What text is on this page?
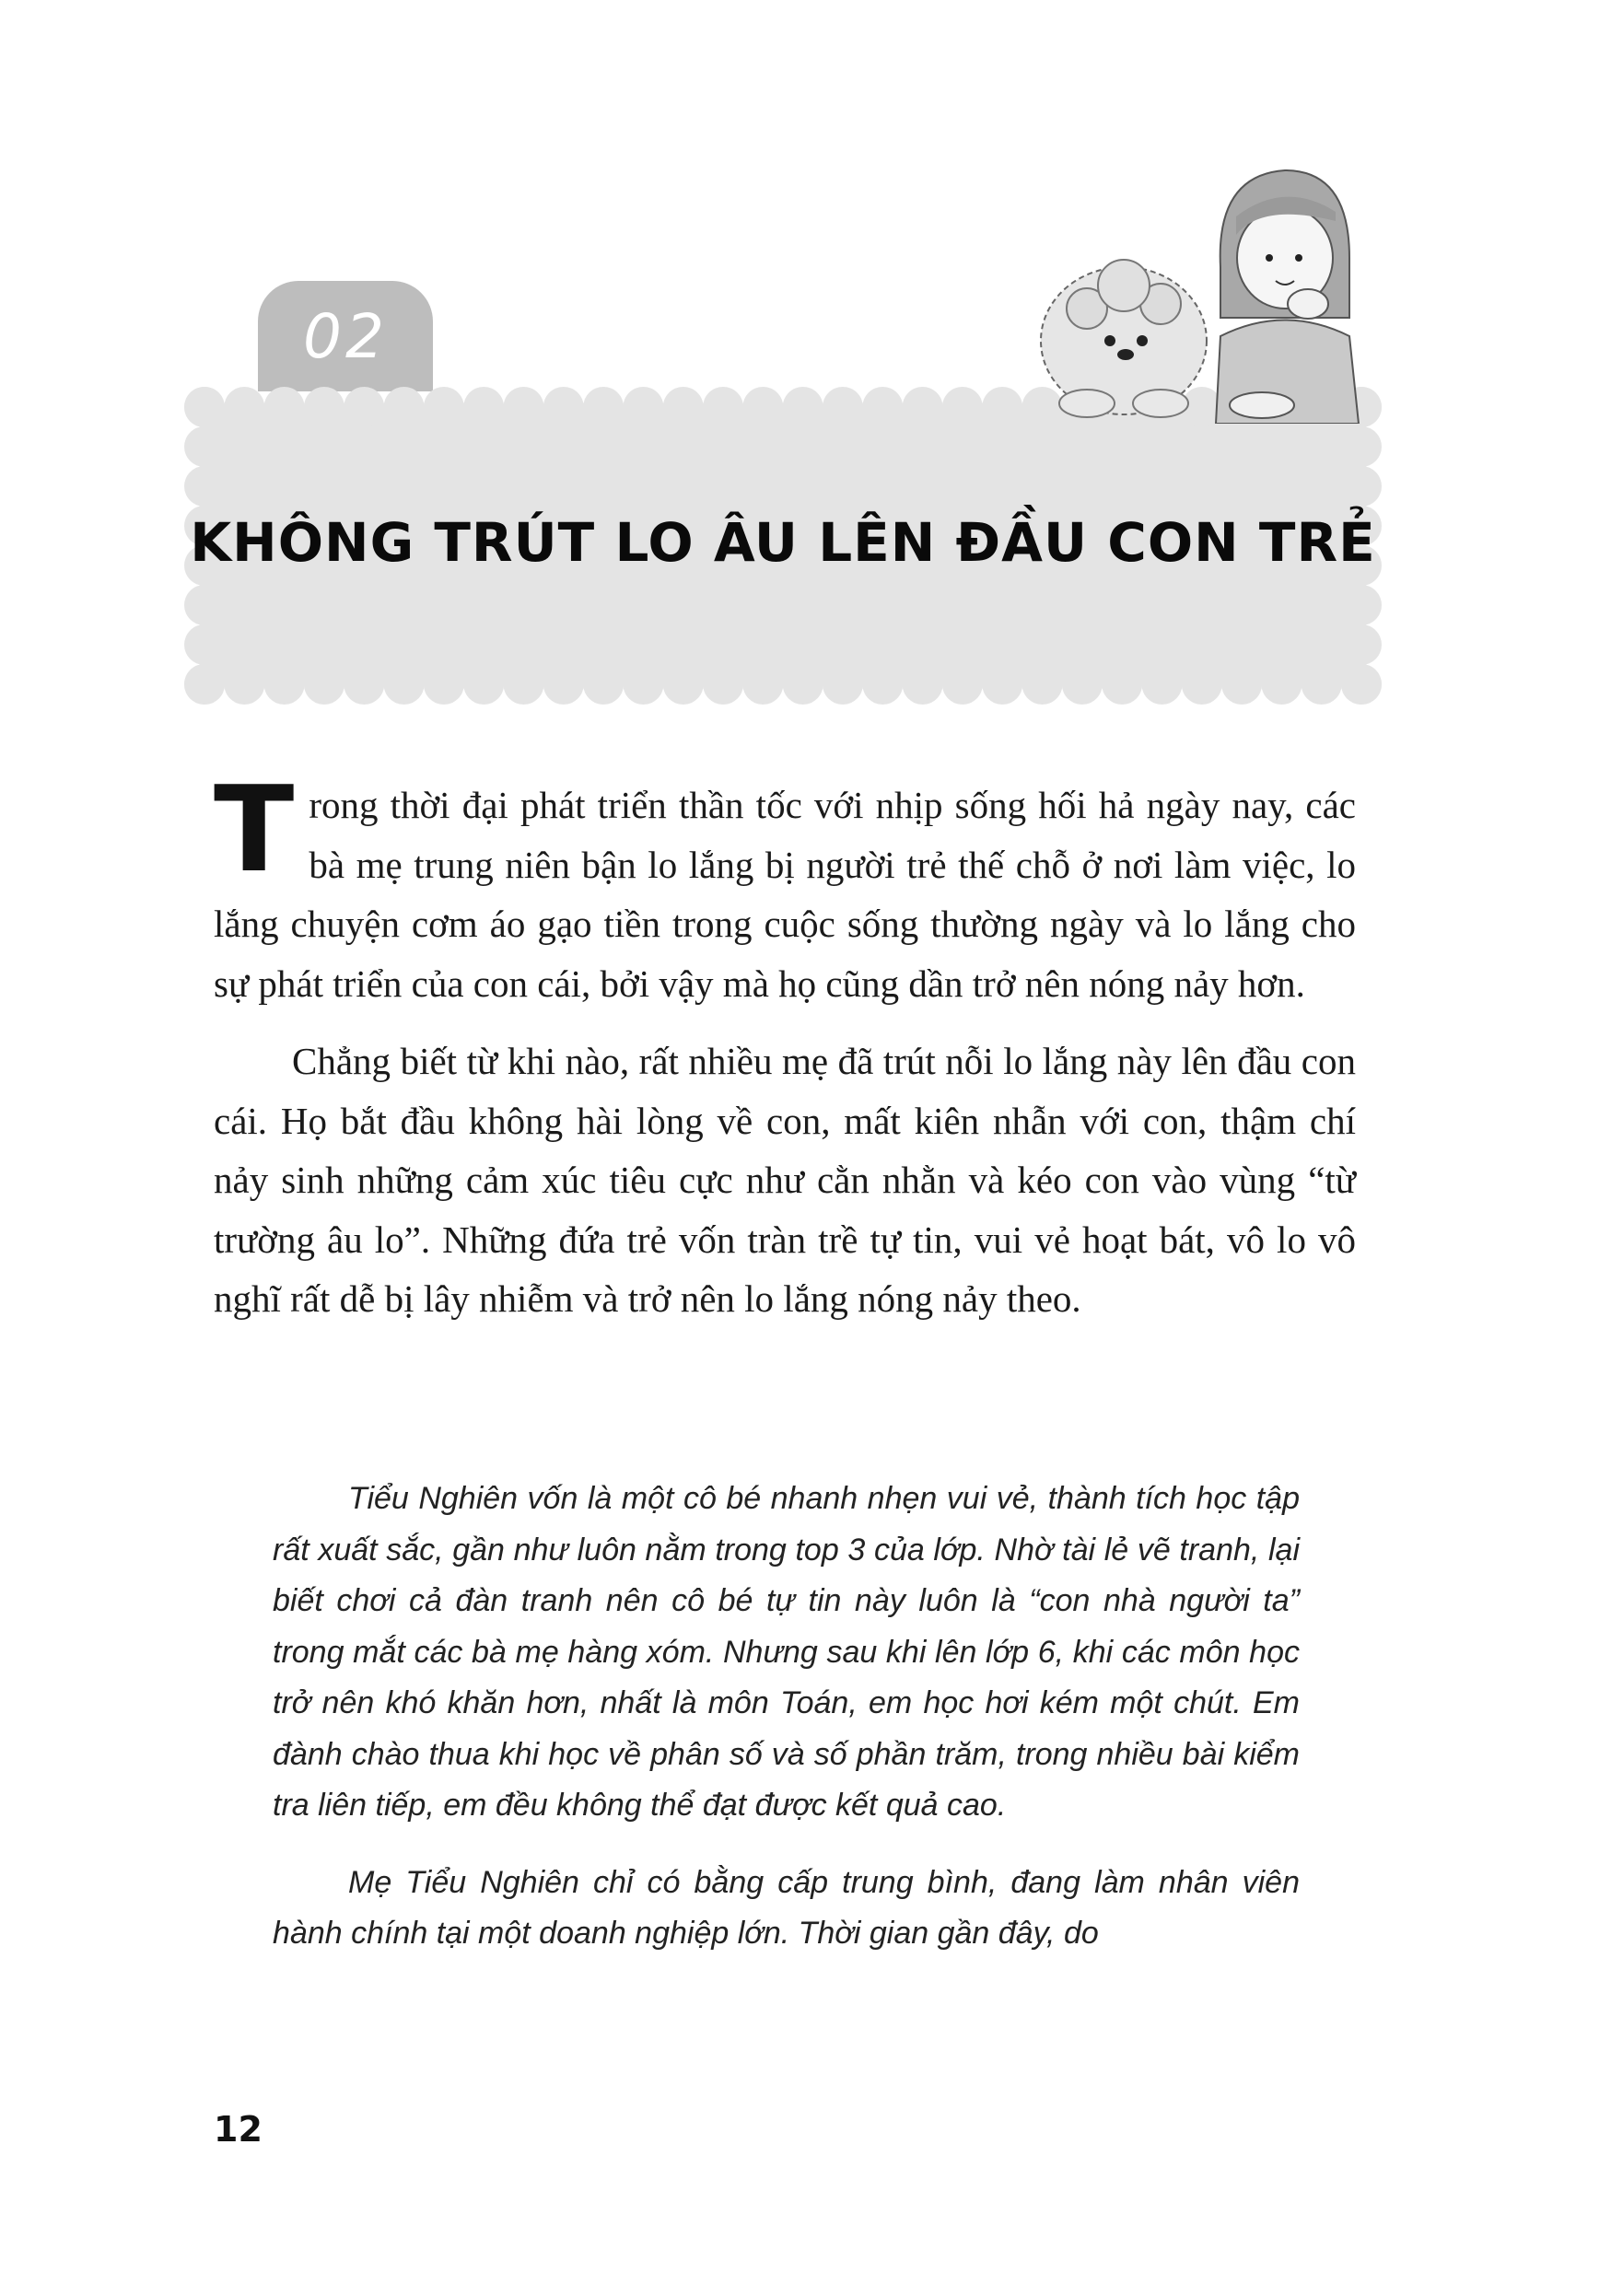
02
KHÔNG TRÚT LO ÂU LÊN ĐẦU CON TRẺ

Trong thời đại phát triển thần tốc với nhịp sống hối hả ngày nay, các bà mẹ trung niên bận lo lắng bị người trẻ thế chỗ ở nơi làm việc, lo lắng chuyện cơm áo gạo tiền trong cuộc sống thường ngày và lo lắng cho sự phát triển của con cái, bởi vậy mà họ cũng dần trở nên nóng nảy hơn.

Chẳng biết từ khi nào, rất nhiều mẹ đã trút nỗi lo lắng này lên đầu con cái. Họ bắt đầu không hài lòng về con, mất kiên nhẫn với con, thậm chí nảy sinh những cảm xúc tiêu cực như cằn nhằn và kéo con vào vùng “từ trường âu lo”. Những đứa trẻ vốn tràn trề tự tin, vui vẻ hoạt bát, vô lo vô nghĩ rất dễ bị lây nhiễm và trở nên lo lắng nóng nảy theo.

Tiểu Nghiên vốn là một cô bé nhanh nhẹn vui vẻ, thành tích học tập rất xuất sắc, gần như luôn nằm trong top 3 của lớp. Nhờ tài lẻ vẽ tranh, lại biết chơi cả đàn tranh nên cô bé tự tin này luôn là “con nhà người ta” trong mắt các bà mẹ hàng xóm. Nhưng sau khi lên lớp 6, khi các môn học trở nên khó khăn hơn, nhất là môn Toán, em học hơi kém một chút. Em đành chào thua khi học về phân số và số phần trăm, trong nhiều bài kiểm tra liên tiếp, em đều không thể đạt được kết quả cao.

Mẹ Tiểu Nghiên chỉ có bằng cấp trung bình, đang làm nhân viên hành chính tại một doanh nghiệp lớn. Thời gian gần đây, do

12
